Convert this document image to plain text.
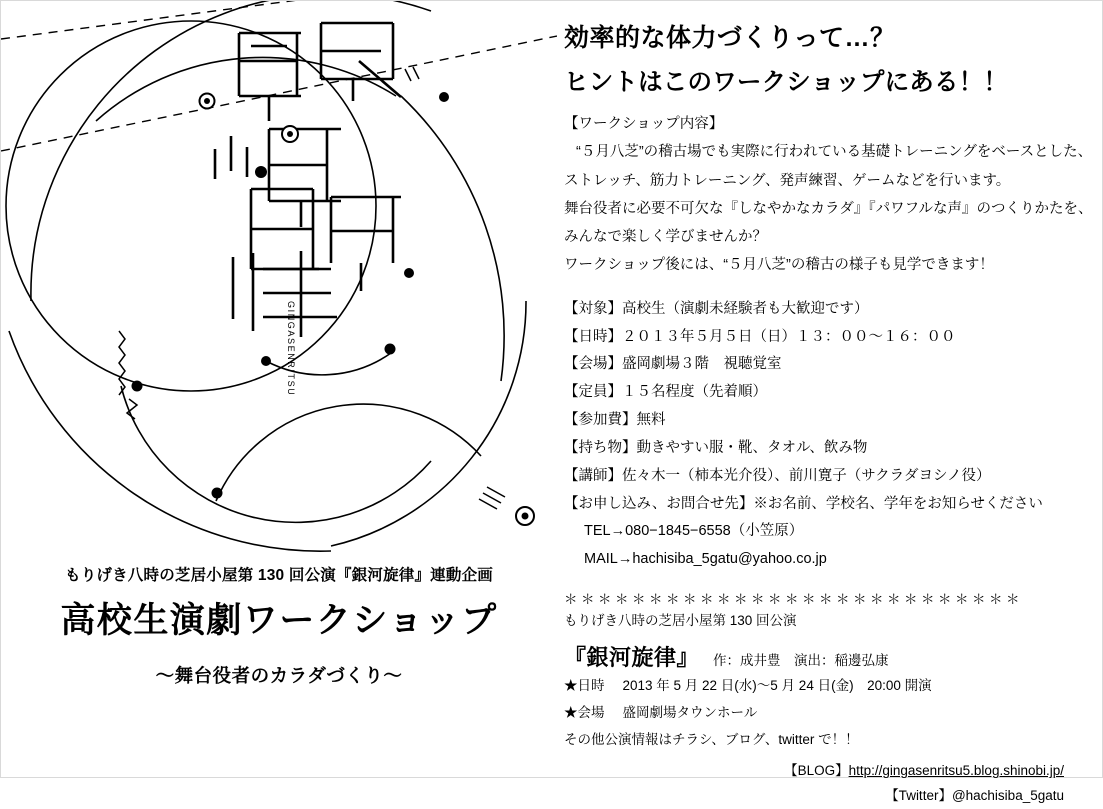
GINGASENRITSU
もりげき八時の芝居小屋第 130 回公演『銀河旋律』連動企画
高校生演劇ワークショップ
〜舞台役者のカラダづくり〜
効率的な体力づくりって…？
ヒントはこのワークショップにある！！
【ワークショップ内容】
“５月八芝”の稽古場でも実際に行われている基礎トレーニングをベースとした、
ストレッチ、筋力トレーニング、発声練習、ゲームなどを行います。
舞台役者に必要不可欠な『しなやかなカラダ』『パワフルな声』のつくりかたを、
みんなで楽しく学びませんか？
ワークショップ後には、“５月八芝”の稽古の様子も見学できます！
【対象】高校生（演劇未経験者も大歓迎です）
【日時】２０１３年５月５日（日）１３：００〜１６：００
【会場】盛岡劇場３階　視聴覚室
【定員】１５名程度（先着順）
【参加費】無料
【持ち物】動きやすい服・靴、タオル、飲み物
【講師】佐々木一（柿本光介役）、前川寛子（サクラダヨシノ役）
【お申し込み、お問合せ先】※お名前、学校名、学年をお知らせください
TEL→080−1845−6558（小笠原）
MAIL→hachisiba_5gatu@yahoo.co.jp
＊＊＊＊＊＊＊＊＊＊＊＊＊＊＊＊＊＊＊＊＊＊＊＊＊＊＊
もりげき八時の芝居小屋第 130 回公演
『銀河旋律』 作：成井豊　演出：稲邊弘康
★日時 2013 年 5 月 22 日(水)〜5 月 24 日(金)　20:00 開演
★会場 盛岡劇場タウンホール
その他公演情報はチラシ、ブログ、twitter で！！
【BLOG】http://gingasenritsu5.blog.shinobi.jp/
【Twitter】@hachisiba_5gatu
